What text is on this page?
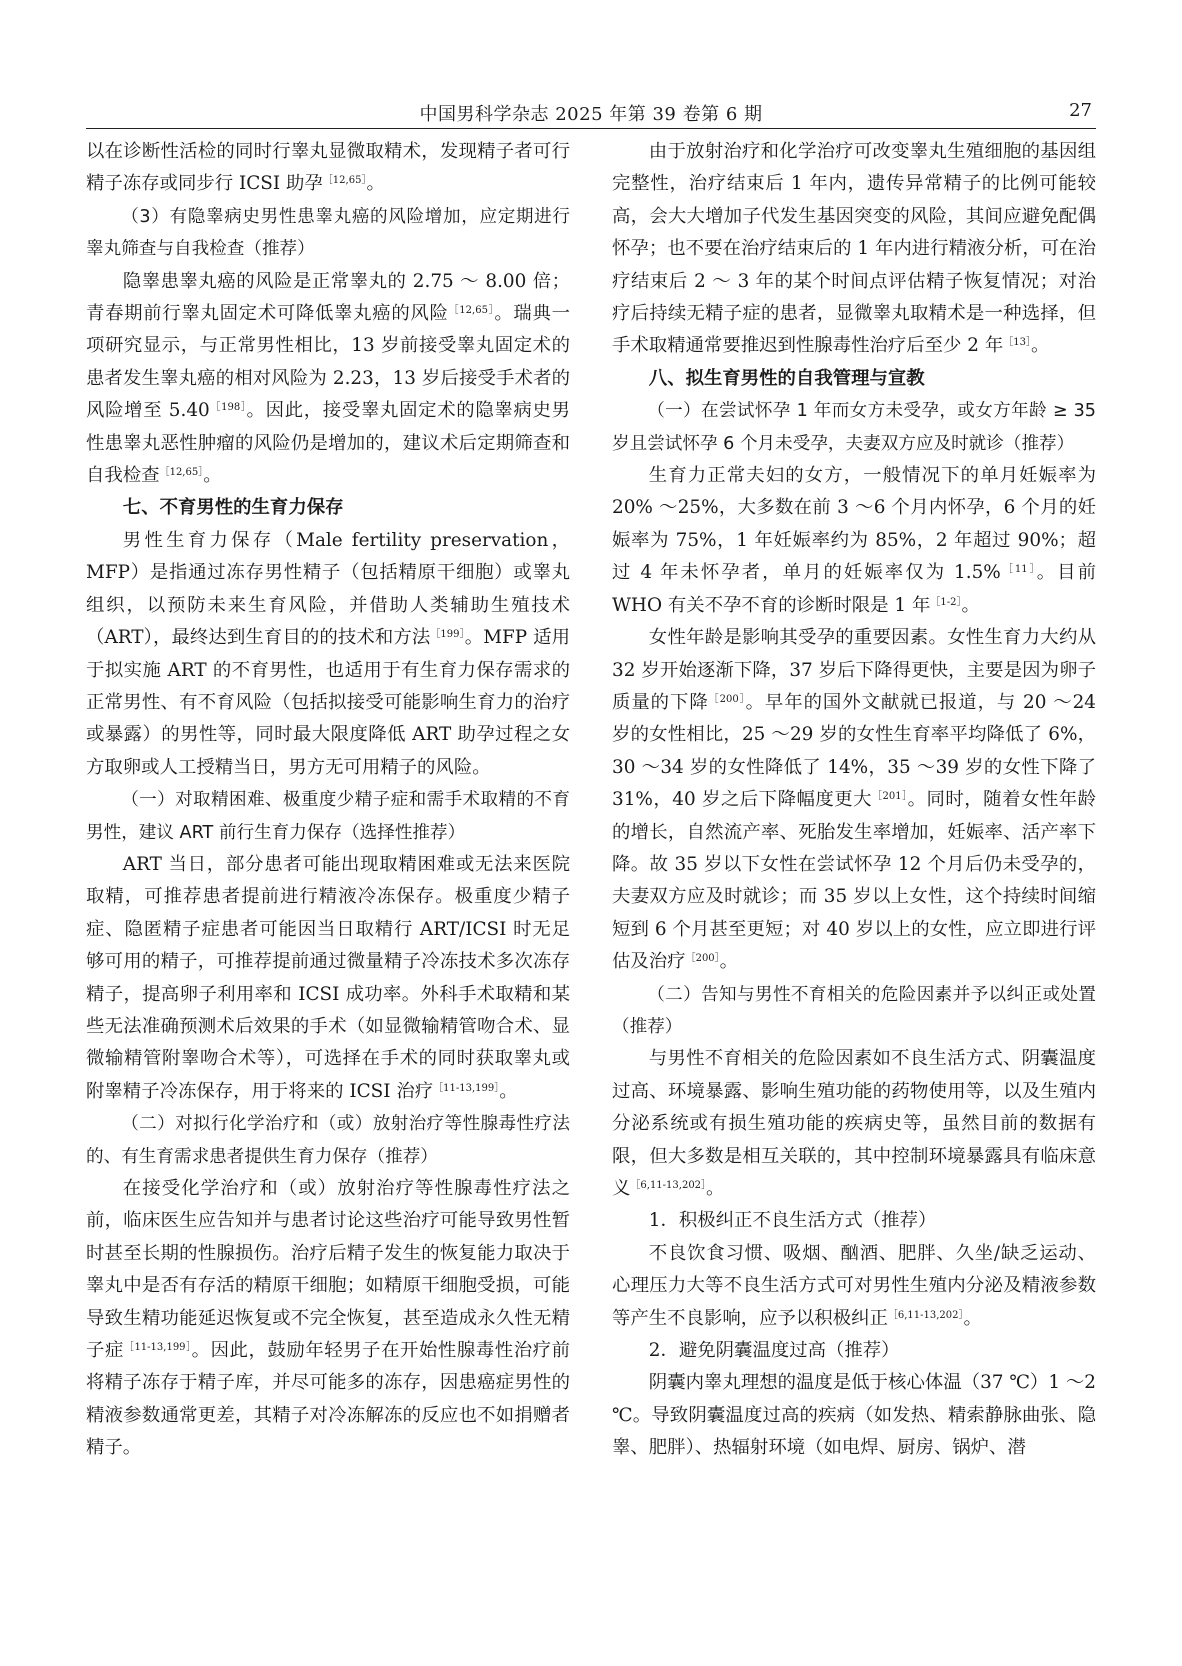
中国男科学杂志 2025 年第 39 卷第 6 期	27

以在诊断性活检的同时行睾丸显微取精术，发现精子者可行精子冻存或同步行 ICSI 助孕$^{[12,65]}$。

（3）有隐睾病史男性患睾丸癌的风险增加，应定期进行睾丸筛查与自我检查（推荐）

隐睾患睾丸癌的风险是正常睾丸的 2.75 ～ 8.00 倍；青春期前行睾丸固定术可降低睾丸癌的风险$^{[12,65]}$。瑞典一项研究显示，与正常男性相比，13 岁前接受睾丸固定术的患者发生睾丸癌的相对风险为 2.23，13 岁后接受手术者的风险增至 $5.40^{[198]}$。因此，接受睾丸固定术的隐睾病史男性患睾丸恶性肿瘤的风险仍是增加的，建议术后定期筛查和自我检查$^{[12,65]}$。

七、不育男性的生育力保存

男性生育力保存（Male fertility preservation，MFP）是指通过冻存男性精子（包括精原干细胞）或睾丸组织，以预防未来生育风险，并借助人类辅助生殖技术（ART），最终达到生育目的的技术和方法$^{[199]}$。MFP 适用于拟实施 ART 的不育男性，也适用于有生育力保存需求的正常男性、有不育风险（包括拟接受可能影响生育力的治疗或暴露）的男性等，同时最大限度降低 ART 助孕过程之女方取卵或人工授精当日，男方无可用精子的风险。

（一）对取精困难、极重度少精子症和需手术取精的不育男性，建议 ART 前行生育力保存（选择性推荐）

ART 当日，部分患者可能出现取精困难或无法来医院取精，可推荐患者提前进行精液冷冻保存。极重度少精子症、隐匿精子症患者可能因当日取精行 ART/ICSI 时无足够可用的精子，可推荐提前通过微量精子冷冻技术多次冻存精子，提高卵子利用率和 ICSI 成功率。外科手术取精和某些无法准确预测术后效果的手术（如显微输精管吻合术、显微输精管附睾吻合术等），可选择在手术的同时获取睾丸或附睾精子冷冻保存，用于将来的 ICSI 治疗$^{[11-13,199]}$。

（二）对拟行化学治疗和（或）放射治疗等性腺毒性疗法的、有生育需求患者提供生育力保存（推荐）

在接受化学治疗和（或）放射治疗等性腺毒性疗法之前，临床医生应告知并与患者讨论这些治疗可能导致男性暂时甚至长期的性腺损伤。治疗后精子发生的恢复能力取决于睾丸中是否有存活的精原干细胞；如精原干细胞受损，可能导致生精功能延迟恢复或不完全恢复，甚至造成永久性无精子症$^{[11-13,199]}$。因此，鼓励年轻男子在开始性腺毒性治疗前将精子冻存于精子库，并尽可能多的冻存，因患癌症男性的精液参数通常更差，其精子对冷冻解冻的反应也不如捐赠者精子。

由于放射治疗和化学治疗可改变睾丸生殖细胞的基因组完整性，治疗结束后 1 年内，遗传异常精子的比例可能较高，会大大增加子代发生基因突变的风险，其间应避免配偶怀孕；也不要在治疗结束后的 1 年内进行精液分析，可在治疗结束后 2 ～ 3 年的某个时间点评估精子恢复情况；对治疗后持续无精子症的患者，显微睾丸取精术是一种选择，但手术取精通常要推迟到性腺毒性治疗后至少 2 年$^{[13]}$。

八、拟生育男性的自我管理与宣教

（一）在尝试怀孕 1 年而女方未受孕，或女方年龄 ≥ 35 岁且尝试怀孕 6 个月未受孕，夫妻双方应及时就诊（推荐）

生育力正常夫妇的女方，一般情况下的单月妊娠率为 20% ～25%，大多数在前 3 ～6 个月内怀孕，6 个月的妊娠率为 75%，1 年妊娠率约为 85%，2 年超过 90%；超过 4 年未怀孕者，单月的妊娠率仅为 1.5%$^{[11]}$。目前 WHO 有关不孕不育的诊断时限是 1 年$^{[1-2]}$。

女性年龄是影响其受孕的重要因素。女性生育力大约从 32 岁开始逐渐下降，37 岁后下降得更快，主要是因为卵子质量的下降$^{[200]}$。早年的国外文献就已报道，与 20 ～24 岁的女性相比，25 ～29 岁的女性生育率平均降低了 6%，30 ～34 岁的女性降低了 14%，35 ～39 岁的女性下降了 31%，40 岁之后下降幅度更大$^{[201]}$。同时，随着女性年龄的增长，自然流产率、死胎发生率增加，妊娠率、活产率下降。故 35 岁以下女性在尝试怀孕 12 个月后仍未受孕的，夫妻双方应及时就诊；而 35 岁以上女性，这个持续时间缩短到 6 个月甚至更短；对 40 岁以上的女性，应立即进行评估及治疗$^{[200]}$。

（二）告知与男性不育相关的危险因素并予以纠正或处置（推荐）

与男性不育相关的危险因素如不良生活方式、阴囊温度过高、环境暴露、影响生殖功能的药物使用等，以及生殖内分泌系统或有损生殖功能的疾病史等，虽然目前的数据有限，但大多数是相互关联的，其中控制环境暴露具有临床意义$^{[6,11-13,202]}$。

1．积极纠正不良生活方式（推荐）

不良饮食习惯、吸烟、酗酒、肥胖、久坐/缺乏运动、心理压力大等不良生活方式可对男性生殖内分泌及精液参数等产生不良影响，应予以积极纠正$^{[6,11-13,202]}$。

2．避免阴囊温度过高（推荐）

阴囊内睾丸理想的温度是低于核心体温（37 ℃）1 ～2 ℃。导致阴囊温度过高的疾病（如发热、精索静脉曲张、隐睾、肥胖）、热辐射环境（如电焊、厨房、锅炉、潜
